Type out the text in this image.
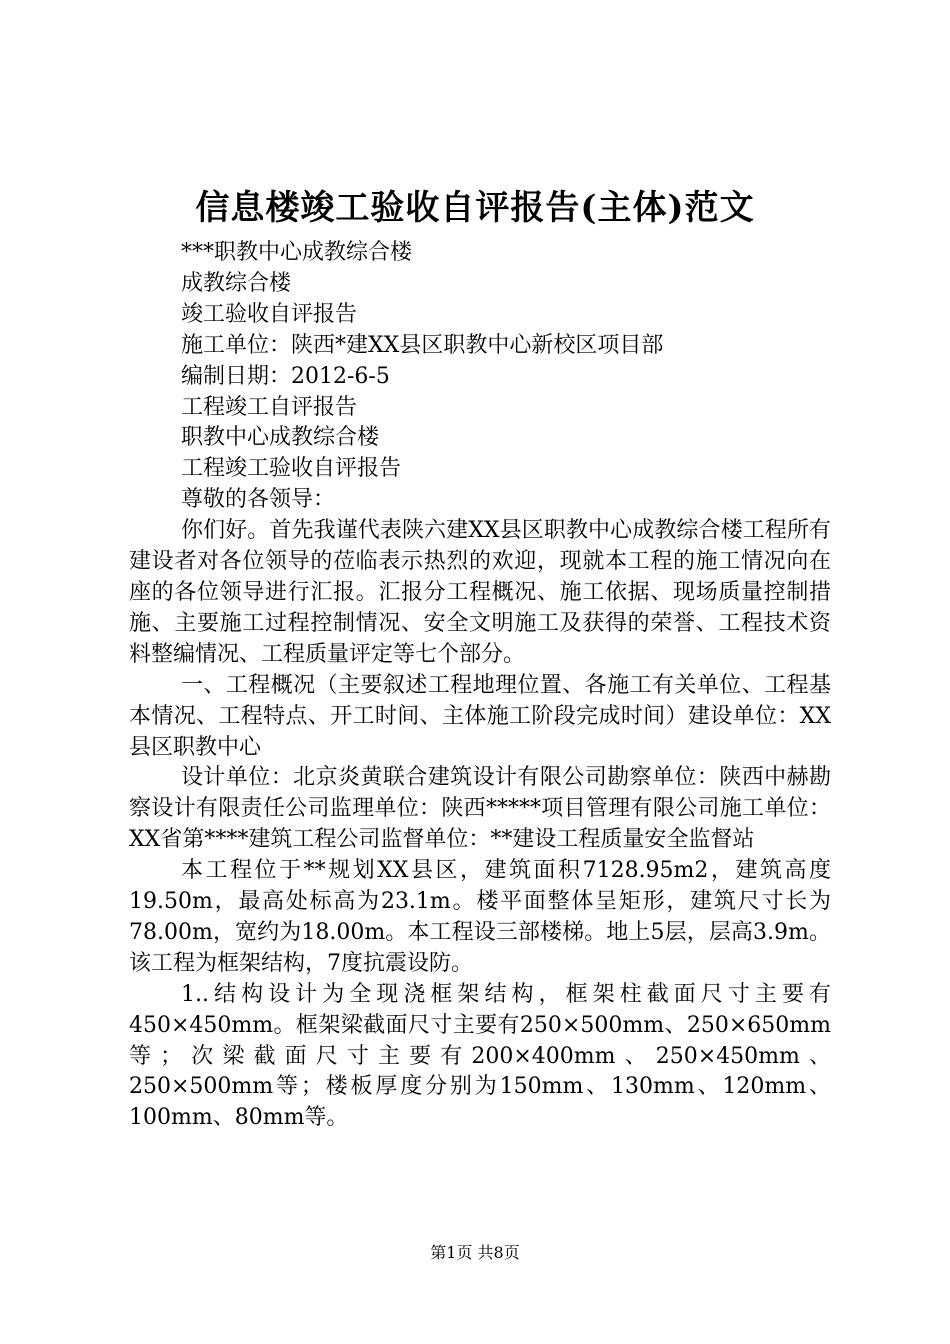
信息楼竣工验收自评报告(主体)范文

***职教中心成教综合楼

成教综合楼

竣工验收自评报告

施工单位：陕西*建XX县区职教中心新校区项目部

编制日期：2012-6-5

工程竣工自评报告

职教中心成教综合楼

工程竣工验收自评报告

尊敬的各领导：

你们好。首先我谨代表陕六建XX县区职教中心成教综合楼工程所有建设者对各位领导的莅临表示热烈的欢迎，现就本工程的施工情况向在座的各位领导进行汇报。汇报分工程概况、施工依据、现场质量控制措施、主要施工过程控制情况、安全文明施工及获得的荣誉、工程技术资料整编情况、工程质量评定等七个部分。

一、工程概况（主要叙述工程地理位置、各施工有关单位、工程基本情况、工程特点、开工时间、主体施工阶段完成时间）建设单位：XX县区职教中心

设计单位：北京炎黄联合建筑设计有限公司勘察单位：陕西中赫勘察设计有限责任公司监理单位：陕西*****项目管理有限公司施工单位：XX省第****建筑工程公司监督单位：**建设工程质量安全监督站

本工程位于**规划XX县区，建筑面积7128.95m2，建筑高度19.50m，最高处标高为23.1m。楼平面整体呈矩形，建筑尺寸长为78.00m，宽约为18.00m。本工程设三部楼梯。地上5层，层高3.9m。该工程为框架结构，7度抗震设防。

1..结构设计为全现浇框架结构，框架柱截面尺寸主要有450×450mm。框架梁截面尺寸主要有250×500mm、250×650mm等；次梁截面尺寸主要有200×400mm、250×450mm、250×500mm等；楼板厚度分别为150mm、130mm、120mm、100mm、80mm等。

第1页 共8页
